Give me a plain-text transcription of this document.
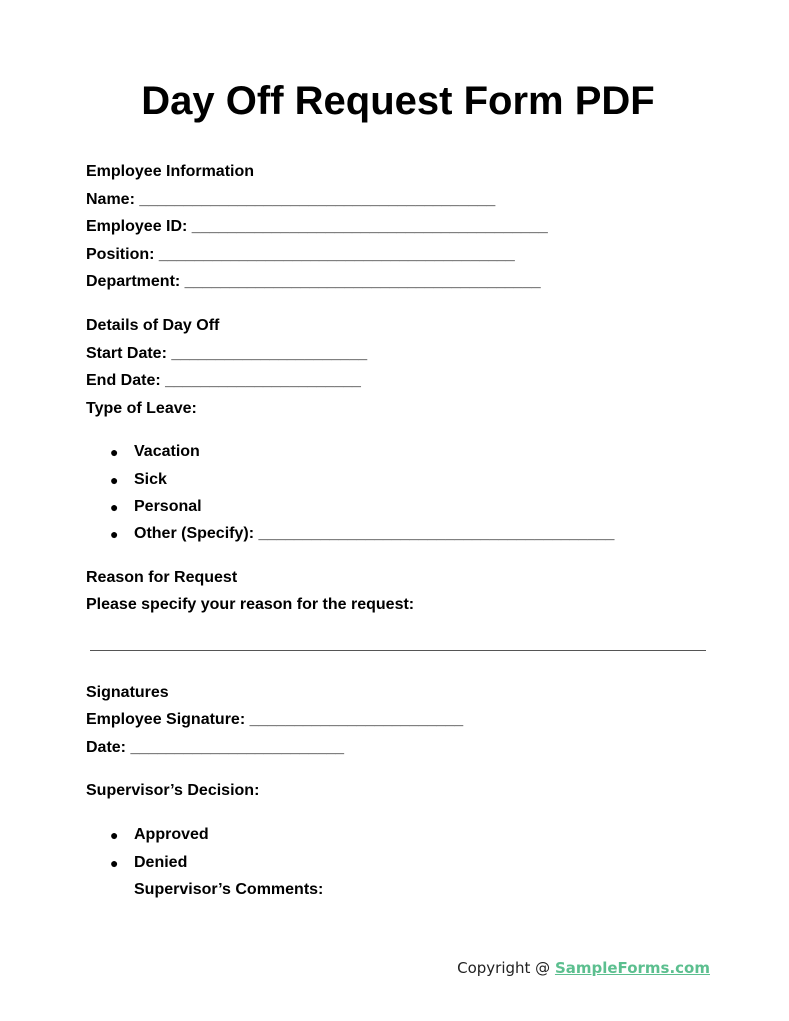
Day Off Request Form PDF
Employee Information
Name: ________________________________________
Employee ID: ________________________________________
Position: ________________________________________
Department: ________________________________________
Details of Day Off
Start Date: ______________________
End Date: ______________________
Type of Leave:
● Vacation
● Sick
● Personal
● Other (Specify): ________________________________________
Reason for Request
Please specify your reason for the request:
Signatures
Employee Signature: ________________________
Date: ________________________
Supervisor’s Decision:
● Approved
● Denied
Supervisor’s Comments:
Copyright @ SampleForms.com
